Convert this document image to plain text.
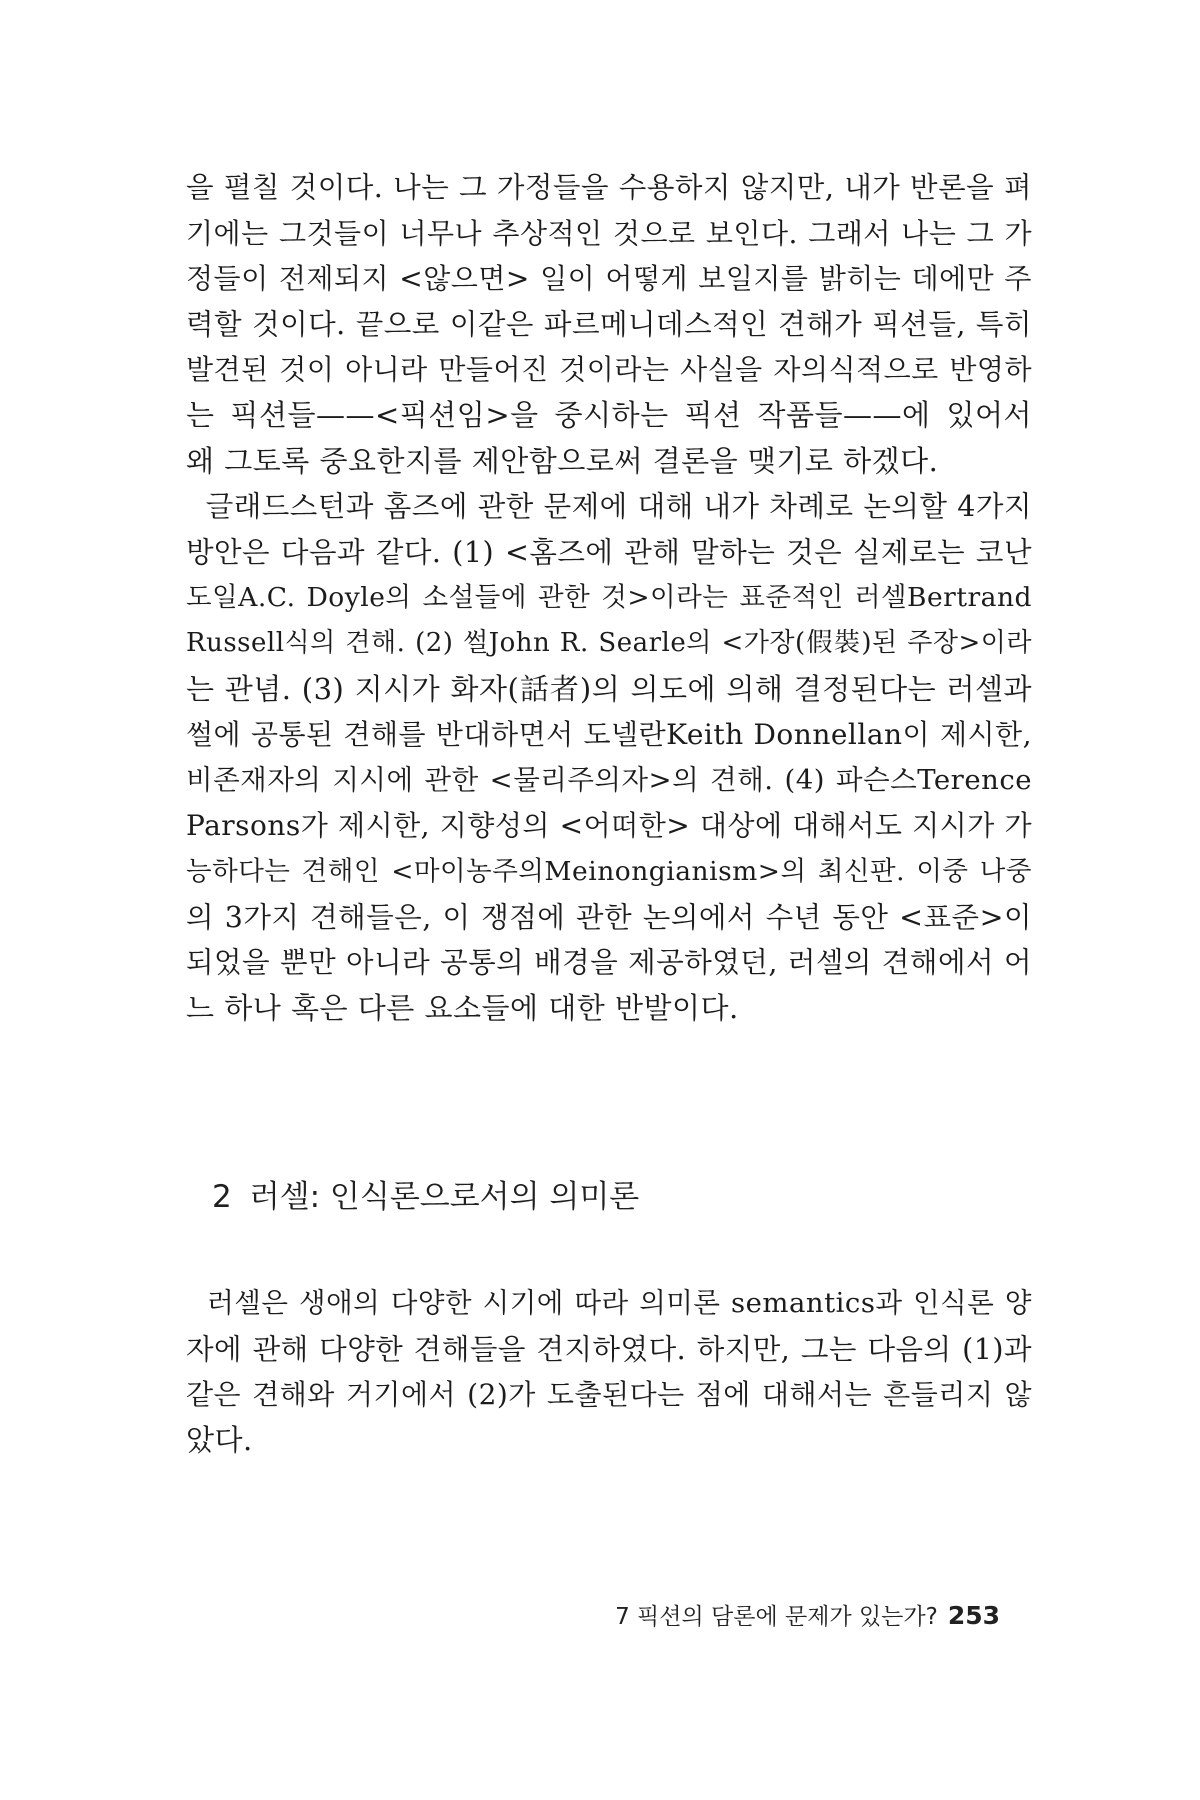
을 펼칠 것이다. 나는 그 가정들을 수용하지 않지만, 내가 반론을 펴
기에는 그것들이 너무나 추상적인 것으로 보인다. 그래서 나는 그 가
정들이 전제되지 <않으면> 일이 어떻게 보일지를 밝히는 데에만 주
력할 것이다. 끝으로 이같은 파르메니데스적인 견해가 픽션들, 특히
발견된 것이 아니라 만들어진 것이라는 사실을 자의식적으로 반영하
는 픽션들——<픽션임>을 중시하는 픽션 작품들——에 있어서
왜 그토록 중요한지를 제안함으로써 결론을 맺기로 하겠다.
글래드스턴과 홈즈에 관한 문제에 대해 내가 차례로 논의할 4가지
방안은 다음과 같다. (1) <홈즈에 관해 말하는 것은 실제로는 코난
도일A.C. Doyle의 소설들에 관한 것>이라는 표준적인 러셀Bertrand
Russell식의 견해. (2) 썰John R. Searle의 <가장(假裝)된 주장>이라
는 관념. (3) 지시가 화자(話者)의 의도에 의해 결정된다는 러셀과
썰에 공통된 견해를 반대하면서 도넬란Keith Donnellan이 제시한,
비존재자의 지시에 관한 <물리주의자>의 견해. (4) 파슨스Terence
Parsons가 제시한, 지향성의 <어떠한> 대상에 대해서도 지시가 가
능하다는 견해인 <마이농주의Meinongianism>의 최신판. 이중 나중
의 3가지 견해들은, 이 쟁점에 관한 논의에서 수년 동안 <표준>이
되었을 뿐만 아니라 공통의 배경을 제공하였던, 러셀의 견해에서 어
느 하나 혹은 다른 요소들에 대한 반발이다.
2 러셀: 인식론으로서의 의미론
러셀은 생애의 다양한 시기에 따라 의미론 semantics과 인식론 양
자에 관해 다양한 견해들을 견지하였다. 하지만, 그는 다음의 (1)과
같은 견해와 거기에서 (2)가 도출된다는 점에 대해서는 흔들리지 않
았다.
7 픽션의 담론에 문제가 있는가? 253
